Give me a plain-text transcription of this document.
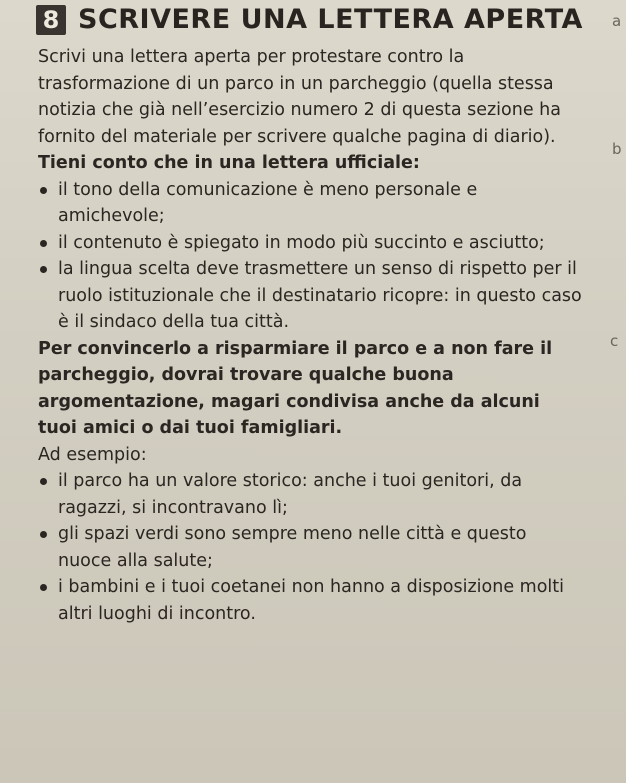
8 SCRIVERE UNA LETTERA APERTA

Scrivi una lettera aperta per protestare contro la trasformazione di un parco in un parcheggio (quella stessa notizia che già nell’esercizio numero 2 di questa sezione ha fornito del materiale per scrivere qualche pagina di diario).

Tieni conto che in una lettera ufficiale:

il tono della comunicazione è meno personale e amichevole;
il contenuto è spiegato in modo più succinto e asciutto;
la lingua scelta deve trasmettere un senso di rispetto per il ruolo istituzionale che il destinatario ricopre: in questo caso è il sindaco della tua città.

Per convincerlo a risparmiare il parco e a non fare il parcheggio, dovrai trovare qualche buona argomentazione, magari condivisa anche da alcuni tuoi amici o dai tuoi famigliari.

Ad esempio:

il parco ha un valore storico: anche i tuoi genitori, da ragazzi, si incontravano lì;
gli spazi verdi sono sempre meno nelle città e questo nuoce alla salute;
i bambini e i tuoi coetanei non hanno a disposizione molti altri luoghi di incontro.
a
b
c
